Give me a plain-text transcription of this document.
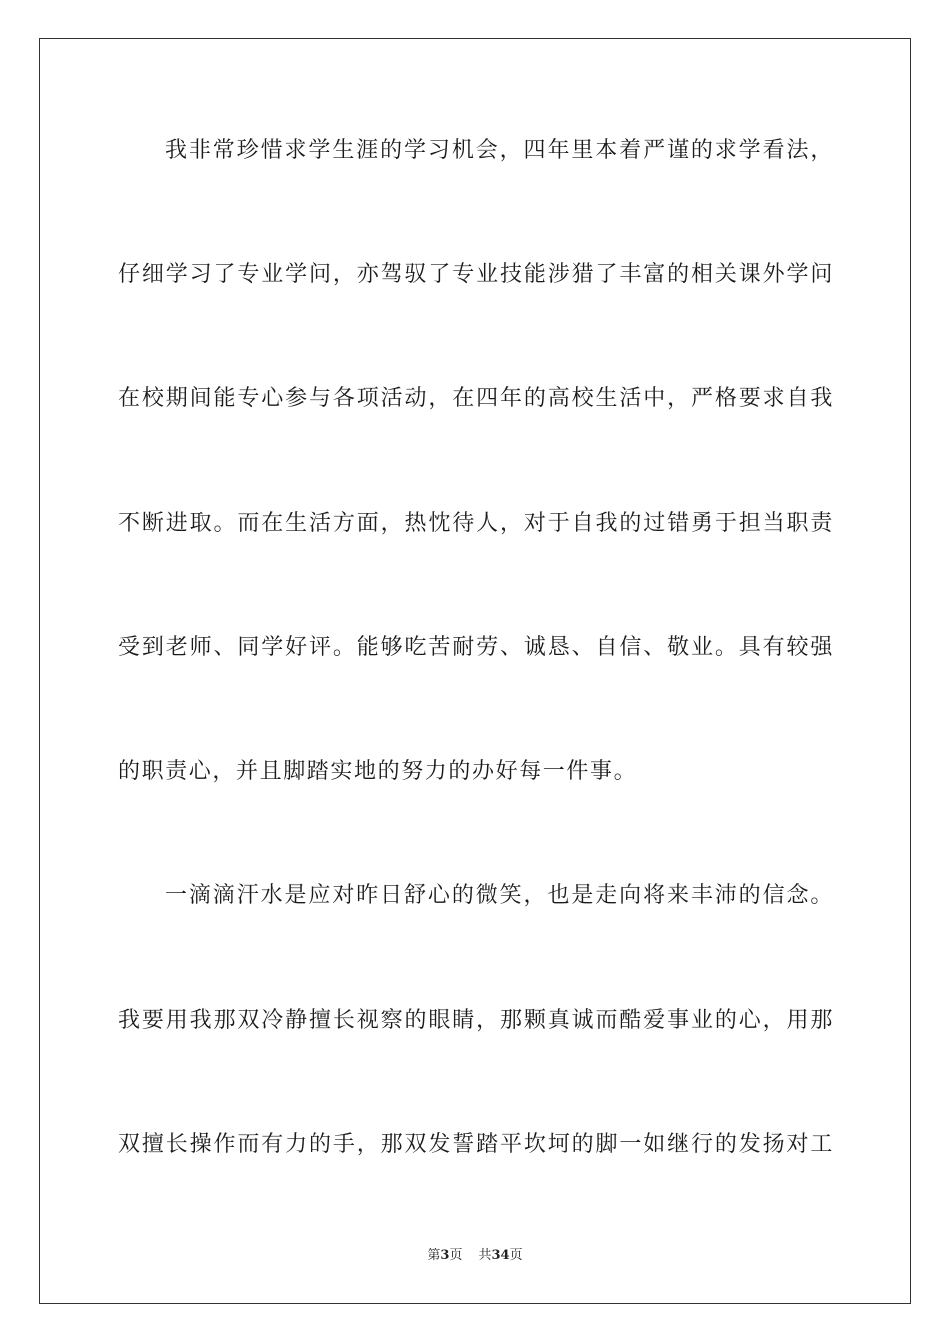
我非常珍惜求学生涯的学习机会，四年里本着严谨的求学看法，
仔细学习了专业学问，亦驾驭了专业技能涉猎了丰富的相关课外学问
在校期间能专心参与各项活动，在四年的高校生活中，严格要求自我
不断进取。而在生活方面，热忱待人，对于自我的过错勇于担当职责
受到老师、同学好评。能够吃苦耐劳、诚恳、自信、敬业。具有较强
的职责心，并且脚踏实地的努力的办好每一件事。
一滴滴汗水是应对昨日舒心的微笑，也是走向将来丰沛的信念。
我要用我那双冷静擅长视察的眼睛，那颗真诚而酷爱事业的心，用那
双擅长操作而有力的手，那双发誓踏平坎坷的脚一如继行的发扬对工
第3页 共34页
